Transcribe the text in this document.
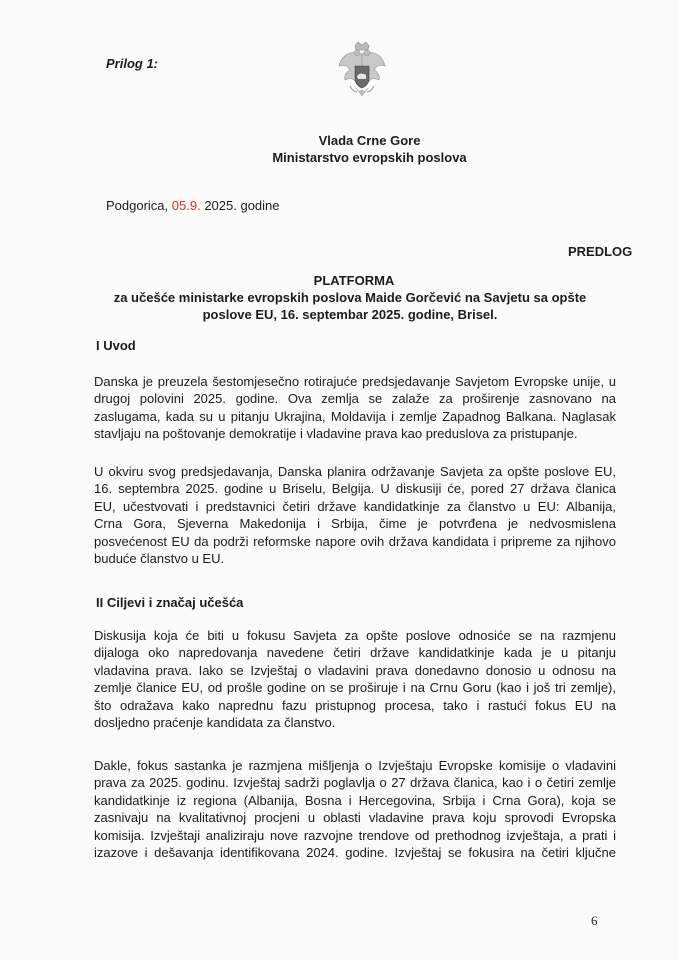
Prilog 1:
Vlada Crne Gore
Ministarstvo evropskih poslova
Podgorica, 05.9. 2025. godine
PREDLOG
PLATFORMA
za učešće ministarke evropskih poslova Maide Gorčević na Savjetu sa opšte
poslove EU, 16. septembar 2025. godine, Brisel.
I Uvod
Danska je preuzela šestomjesečno rotirajuće predsjedavanje Savjetom Evropske unije, u
drugoj polovini 2025. godine. Ova zemlja se zalaže za proširenje zasnovano na
zaslugama, kada su u pitanju Ukrajina, Moldavija i zemlje Zapadnog Balkana. Naglasak
stavljaju na poštovanje demokratije i vladavine prava kao preduslova za pristupanje.
U okviru svog predsjedavanja, Danska planira održavanje Savjeta za opšte poslove EU,
16. septembra 2025. godine u Briselu, Belgija. U diskusiji će, pored 27 država članica
EU, učestvovati i predstavnici četiri države kandidatkinje za članstvo u EU: Albanija,
Crna Gora, Sjeverna Makedonija i Srbija, čime je potvrđena je nedvosmislena
posvećenost EU da podrži reformske napore ovih država kandidata i pripreme za njihovo
buduće članstvo u EU.
II Ciljevi i značaj učešća
Diskusija koja će biti u fokusu Savjeta za opšte poslove odnosiće se na razmjenu
dijaloga oko napredovanja navedene četiri države kandidatkinje kada je u pitanju
vladavina prava. Iako se Izvještaj o vladavini prava donedavno donosio u odnosu na
zemlje članice EU, od prošle godine on se proširuje i na Crnu Goru (kao i još tri zemlje),
što odražava kako naprednu fazu pristupnog procesa, tako i rastući fokus EU na
dosljedno praćenje kandidata za članstvo.
Dakle, fokus sastanka je razmjena mišljenja o Izvještaju Evropske komisije o vladavini
prava za 2025. godinu. Izvještaj sadrži poglavlja o 27 država članica, kao i o četiri zemlje
kandidatkinje iz regiona (Albanija, Bosna i Hercegovina, Srbija i Crna Gora), koja se
zasnivaju na kvalitativnoj procjeni u oblasti vladavine prava koju sprovodi Evropska
komisija. Izvještaji analiziraju nove razvojne trendove od prethodnog izvještaja, a prati i
izazove i dešavanja identifikovana 2024. godine. Izvještaj se fokusira na četiri ključne
6
